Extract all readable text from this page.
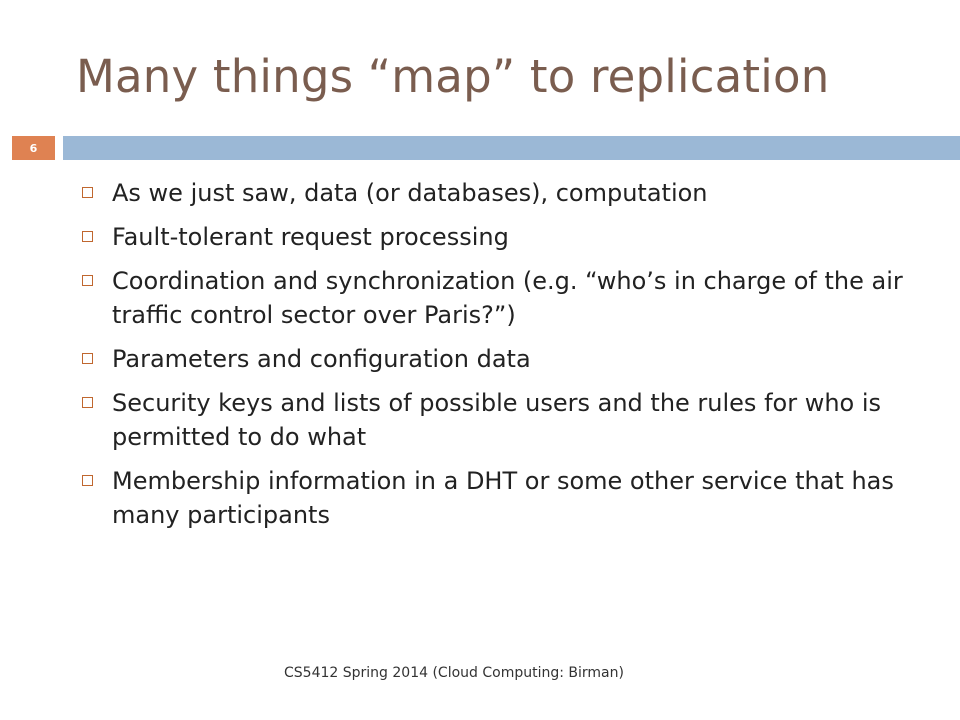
Many things “map” to replication
6
As we just saw, data (or databases), computation
Fault-tolerant request processing
Coordination and synchronization (e.g. “who’s in charge of the air traffic control sector over Paris?”)
Parameters and configuration data
Security keys and lists of possible users and the rules for who is permitted to do what
Membership information in a DHT or some other service that has many participants
CS5412 Spring 2014 (Cloud Computing: Birman)
